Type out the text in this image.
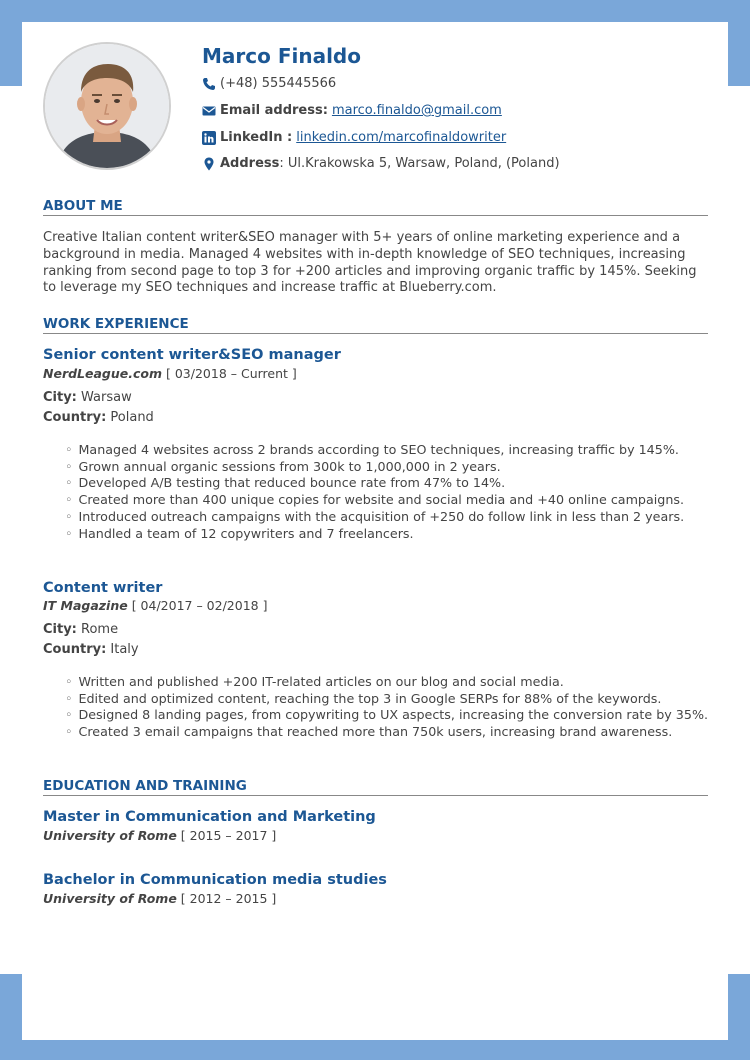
Marco Finaldo
(+48) 555445566
Email address: marco.finaldo@gmail.com
LinkedIn : linkedin.com/marcofinaldowriter
Address : Ul.Krakowska 5, Warsaw, Poland, (Poland)
ABOUT ME
Creative Italian content writer&SEO manager with 5+ years of online marketing experience and a background in media. Managed 4 websites with in-depth knowledge of SEO techniques, increasing ranking from second page to top 3 for +200 articles and improving organic traffic by 145%. Seeking to leverage my SEO techniques and increase traffic at Blueberry.com.
WORK EXPERIENCE
Senior content writer&SEO manager
NerdLeague.com [ 03/2018 – Current ]
City: Warsaw
Country: Poland
◦ Managed 4 websites across 2 brands according to SEO techniques, increasing traffic by 145%.
◦ Grown annual organic sessions from 300k to 1,000,000 in 2 years.
◦ Developed A/B testing that reduced bounce rate from 47% to 14%.
◦ Created more than 400 unique copies for website and social media and +40 online campaigns.
◦ Introduced outreach campaigns with the acquisition of +250 do follow link in less than 2 years.
◦ Handled a team of 12 copywriters and 7 freelancers.
Content writer
IT Magazine [ 04/2017 – 02/2018 ]
City: Rome
Country: Italy
◦ Written and published +200 IT-related articles on our blog and social media.
◦ Edited and optimized content, reaching the top 3 in Google SERPs for 88% of the keywords.
◦ Designed 8 landing pages, from copywriting to UX aspects, increasing the conversion rate by 35%.
◦ Created 3 email campaigns that reached more than 750k users, increasing brand awareness.
EDUCATION AND TRAINING
Master in Communication and Marketing
University of Rome [ 2015 – 2017 ]
Bachelor in Communication media studies
University of Rome [ 2012 – 2015 ]
